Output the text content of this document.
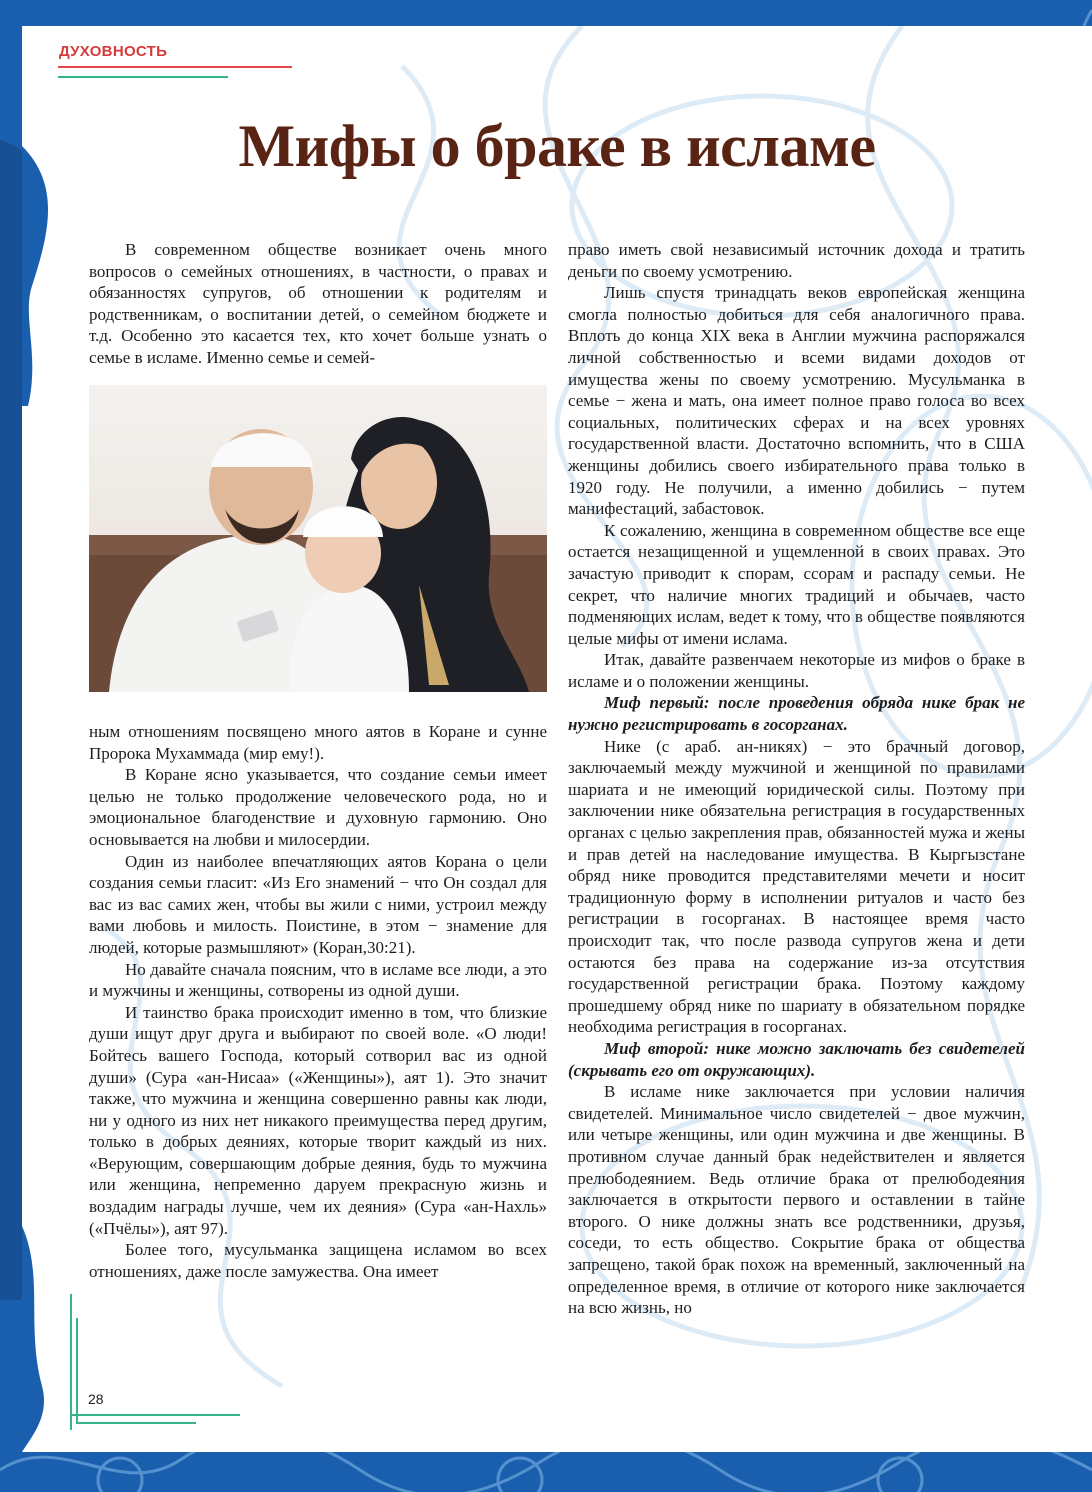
ДУХОВНОСТЬ
Мифы о браке в исламе

В современном обществе возникает очень много вопросов о семейных отношениях, в частности, о правах и обязанностях супругов, об отношении к родителям и родственникам, о воспитании детей, о семейном бюджете и т.д. Особенно это касается тех, кто хочет больше узнать о семье в исламе. Именно семье и семей-

ным отношениям посвящено много аятов в Коране и сунне Пророка Мухаммада (мир ему!).

В Коране ясно указывается, что создание семьи имеет целью не только продолжение человеческого рода, но и эмоциональное благоденствие и духовную гармонию. Оно основывается на любви и милосердии.

Один из наиболее впечатляющих аятов Корана о цели создания семьи гласит: «Из Его знамений − что Он создал для вас из вас самих жен, чтобы вы жили с ними, устроил между вами любовь и милость. Поистине, в этом − знамение для людей, которые размышляют» (Коран,30:21).

Но давайте сначала поясним, что в исламе все люди, а это и мужчины и женщины, сотворены из одной души.

И таинство брака происходит именно в том, что близкие души ищут друг друга и выбирают по своей воле. «О люди! Бойтесь вашего Господа, который сотворил вас из одной души» (Сура «ан-Нисаа» («Женщины»), аят 1). Это значит также, что мужчина и женщина совершенно равны как люди, ни у одного из них нет никакого преимущества перед другим, только в добрых деяниях, которые творит каждый из них. «Верующим, совершающим добрые деяния, будь то мужчина или женщина, непременно даруем прекрасную жизнь и воздадим награды лучше, чем их деяния» (Сура «ан-Нахль» («Пчёлы»), аят 97).

Более того, мусульманка защищена исламом во всех отношениях, даже после замужества. Она имеет

право иметь свой независимый источник дохода и тратить деньги по своему усмотрению.

Лишь спустя тринадцать веков европейская женщина смогла полностью добиться для себя аналогичного права. Вплоть до конца XIX века в Англии мужчина распоряжался личной собственностью и всеми видами доходов от имущества жены по своему усмотрению. Мусульманка в семье − жена и мать, она имеет полное право голоса во всех социальных, политических сферах и на всех уровнях государственной власти. Достаточно вспомнить, что в США женщины добились своего избирательного права только в 1920 году. Не получили, а именно добились − путем манифестаций, забастовок.

К сожалению, женщина в современном обществе все еще остается незащищенной и ущемленной в своих правах. Это зачастую приводит к спорам, ссорам и распаду семьи. Не секрет, что наличие многих традиций и обычаев, часто подменяющих ислам, ведет к тому, что в обществе появляются целые мифы от имени ислама.

Итак, давайте развенчаем некоторые из мифов о браке в исламе и о положении женщины.

Миф первый: после проведения обряда нике брак не нужно регистрировать в госорганах.

Нике (с араб. ан-никях) − это брачный договор, заключаемый между мужчиной и женщиной по правилами шариата и не имеющий юридической силы. Поэтому при заключении нике обязательна регистрация в государственных органах с целью закрепления прав, обязанностей мужа и жены и прав детей на наследование имущества. В Кыргызстане обряд нике проводится представителями мечети и носит традиционную форму в исполнении ритуалов и часто без регистрации в госорганах. В настоящее время часто происходит так, что после развода супругов жена и дети остаются без права на содержание из-за отсутствия государственной регистрации брака. Поэтому каждому прошедшему обряд нике по шариату в обязательном порядке необходима регистрация в госорганах.

Миф второй: нике можно заключать без свидетелей (скрывать его от окружающих).

В исламе нике заключается при условии наличия свидетелей. Минимальное число свидетелей − двое мужчин, или четыре женщины, или один мужчина и две женщины. В противном случае данный брак недействителен и является прелюбодеянием. Ведь отличие брака от прелюбодеяния заключается в открытости первого и оставлении в тайне второго. О нике должны знать все родственники, друзья, соседи, то есть общество. Сокрытие брака от общества запрещено, такой брак похож на временный, заключенный на определенное время, в отличие от которого нике заключается на всю жизнь, но

28
